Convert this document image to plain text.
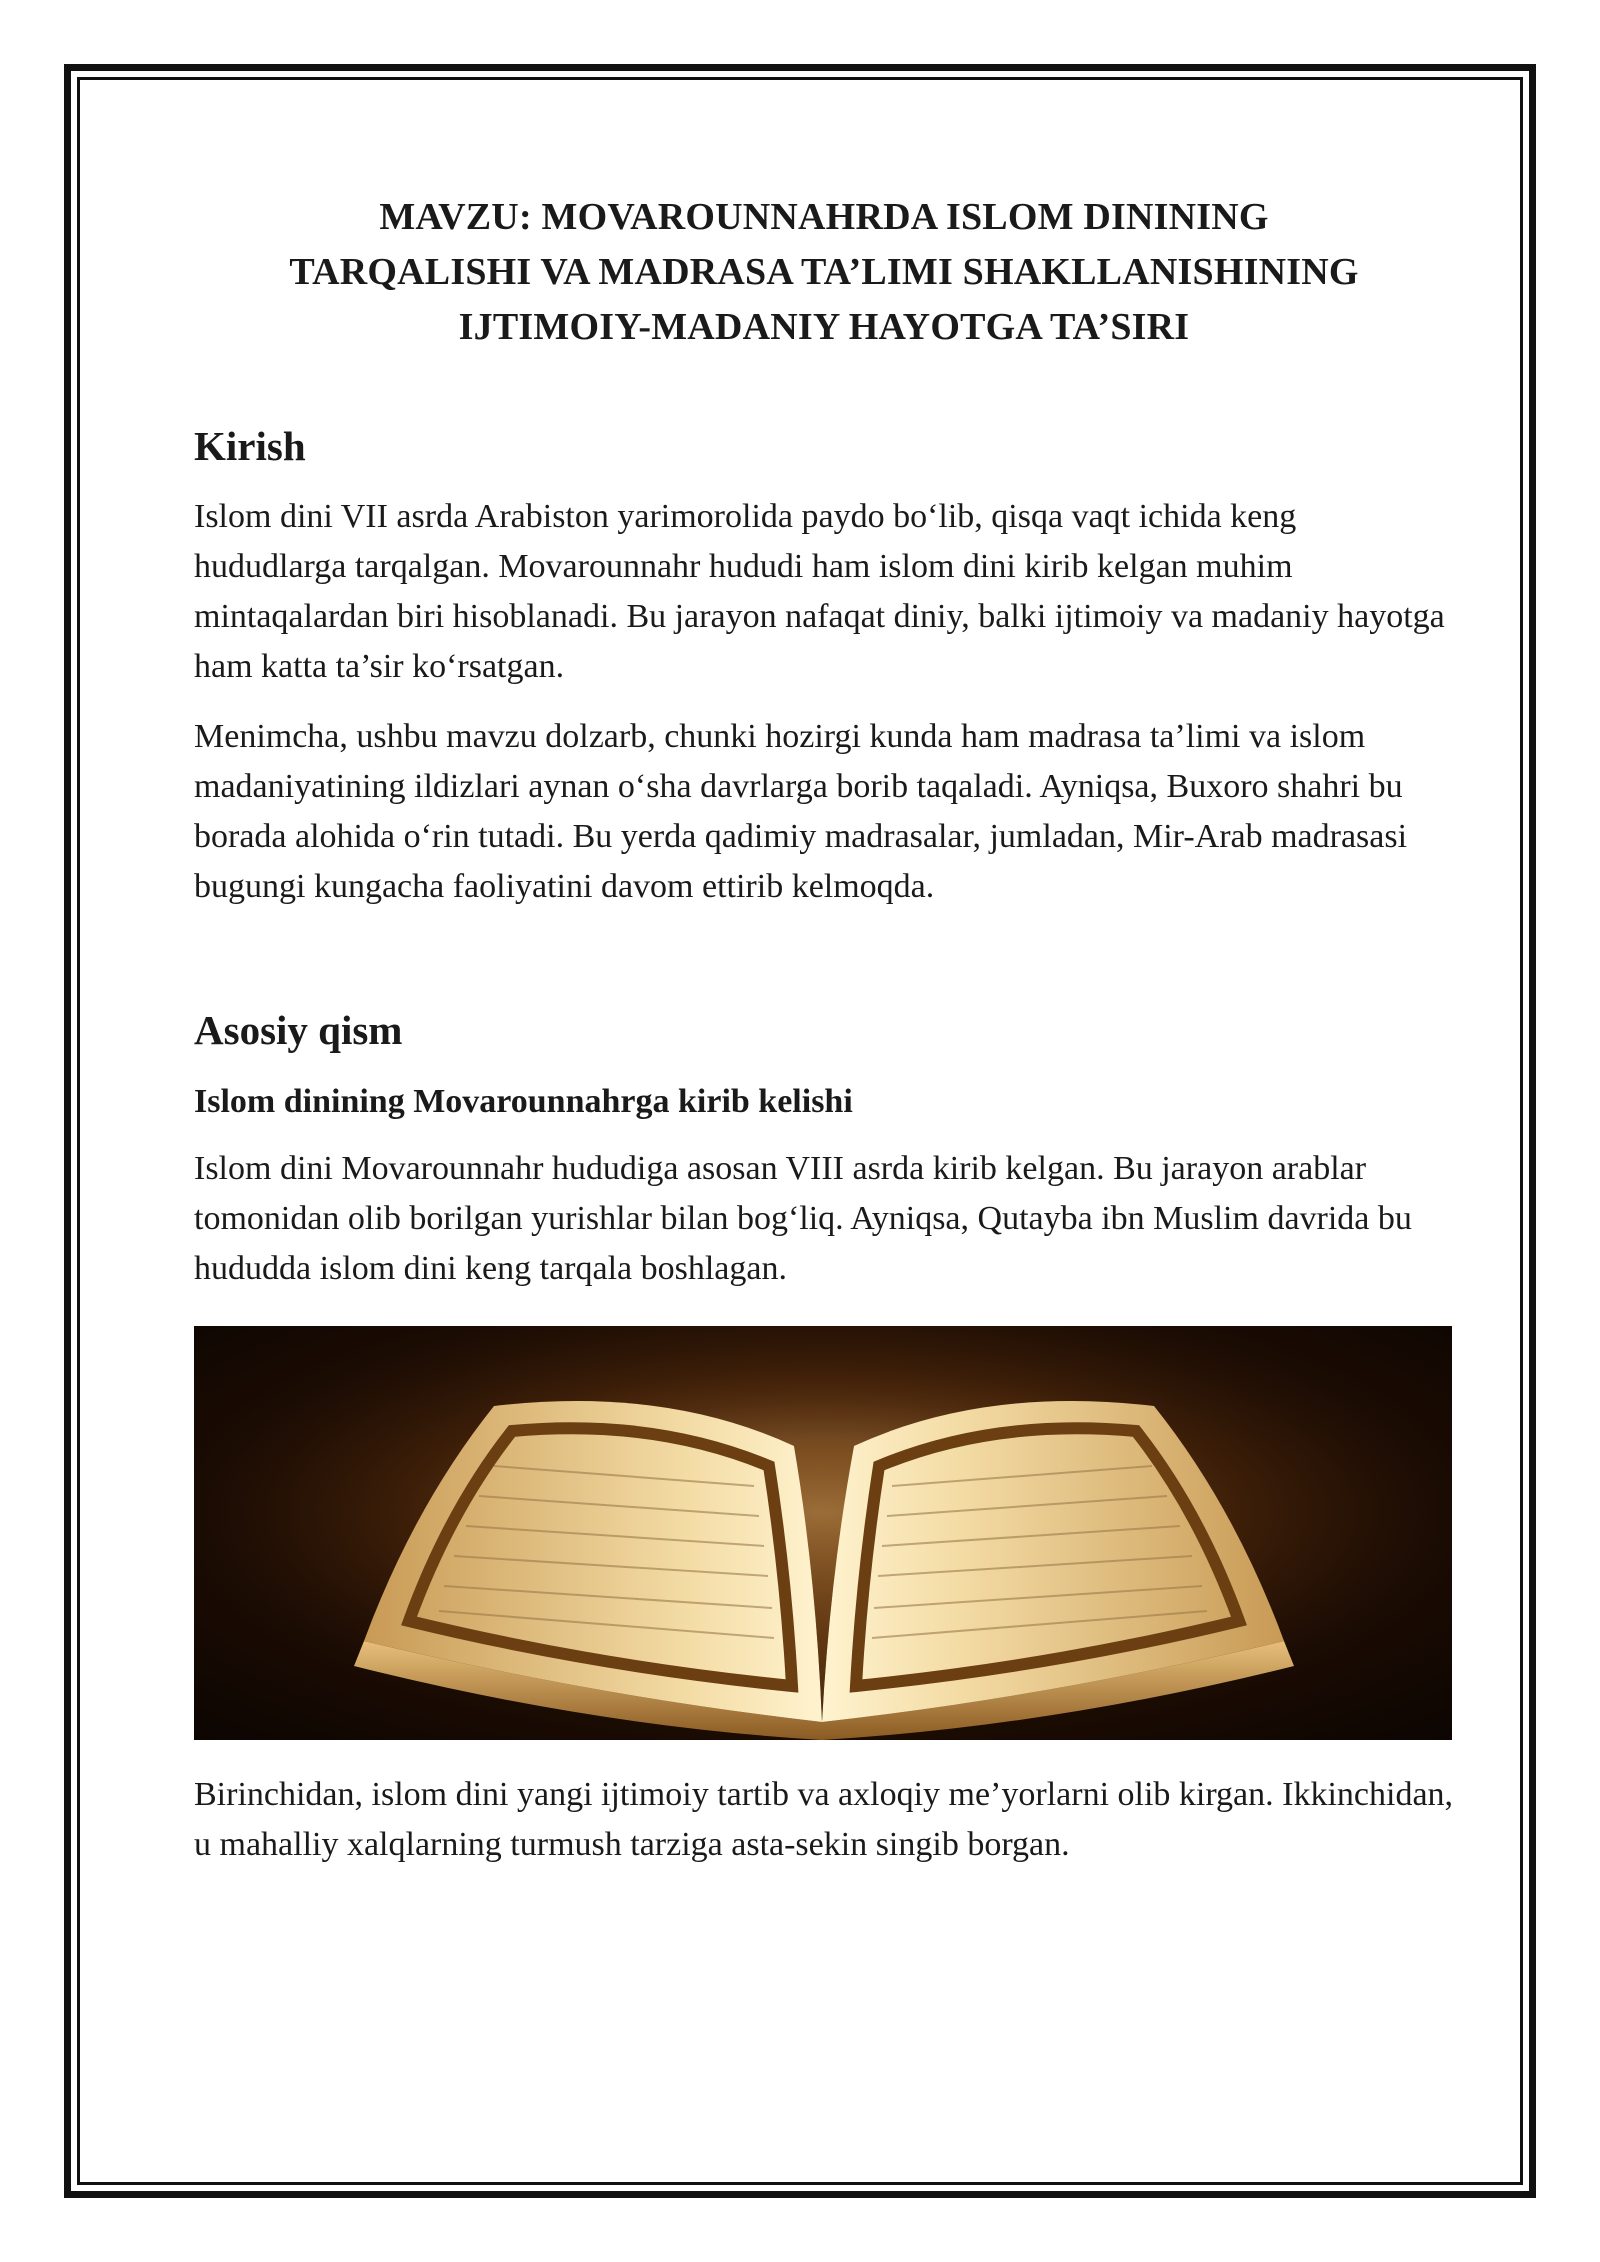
MAVZU: MOVAROUNNAHRDA ISLOM DININING TARQALISHI VA MADRASA TA’LIMI SHAKLLANISHINING IJTIMOIY-MADANIY HAYOTGA TA’SIRI
Kirish

Islom dini VII asrda Arabiston yarimorolida paydo bo‘lib, qisqa vaqt ichida keng hududlarga tarqalgan. Movarounnahr hududi ham islom dini kirib kelgan muhim mintaqalardan biri hisoblanadi. Bu jarayon nafaqat diniy, balki ijtimoiy va madaniy hayotga ham katta ta’sir ko‘rsatgan.

Menimcha, ushbu mavzu dolzarb, chunki hozirgi kunda ham madrasa ta’limi va islom madaniyatining ildizlari aynan o‘sha davrlarga borib taqaladi. Ayniqsa, Buxoro shahri bu borada alohida o‘rin tutadi. Bu yerda qadimiy madrasalar, jumladan, Mir-Arab madrasasi bugungi kungacha faoliyatini davom ettirib kelmoqda.

Asosiy qism
Islom dinining Movarounnahrga kirib kelishi

Islom dini Movarounnahr hududiga asosan VIII asrda kirib kelgan. Bu jarayon arablar tomonidan olib borilgan yurishlar bilan bog‘liq. Ayniqsa, Qutayba ibn Muslim davrida bu hududda islom dini keng tarqala boshlagan.

Birinchidan, islom dini yangi ijtimoiy tartib va axloqiy me’yorlarni olib kirgan. Ikkinchidan, u mahalliy xalqlarning turmush tarziga asta-sekin singib borgan.
